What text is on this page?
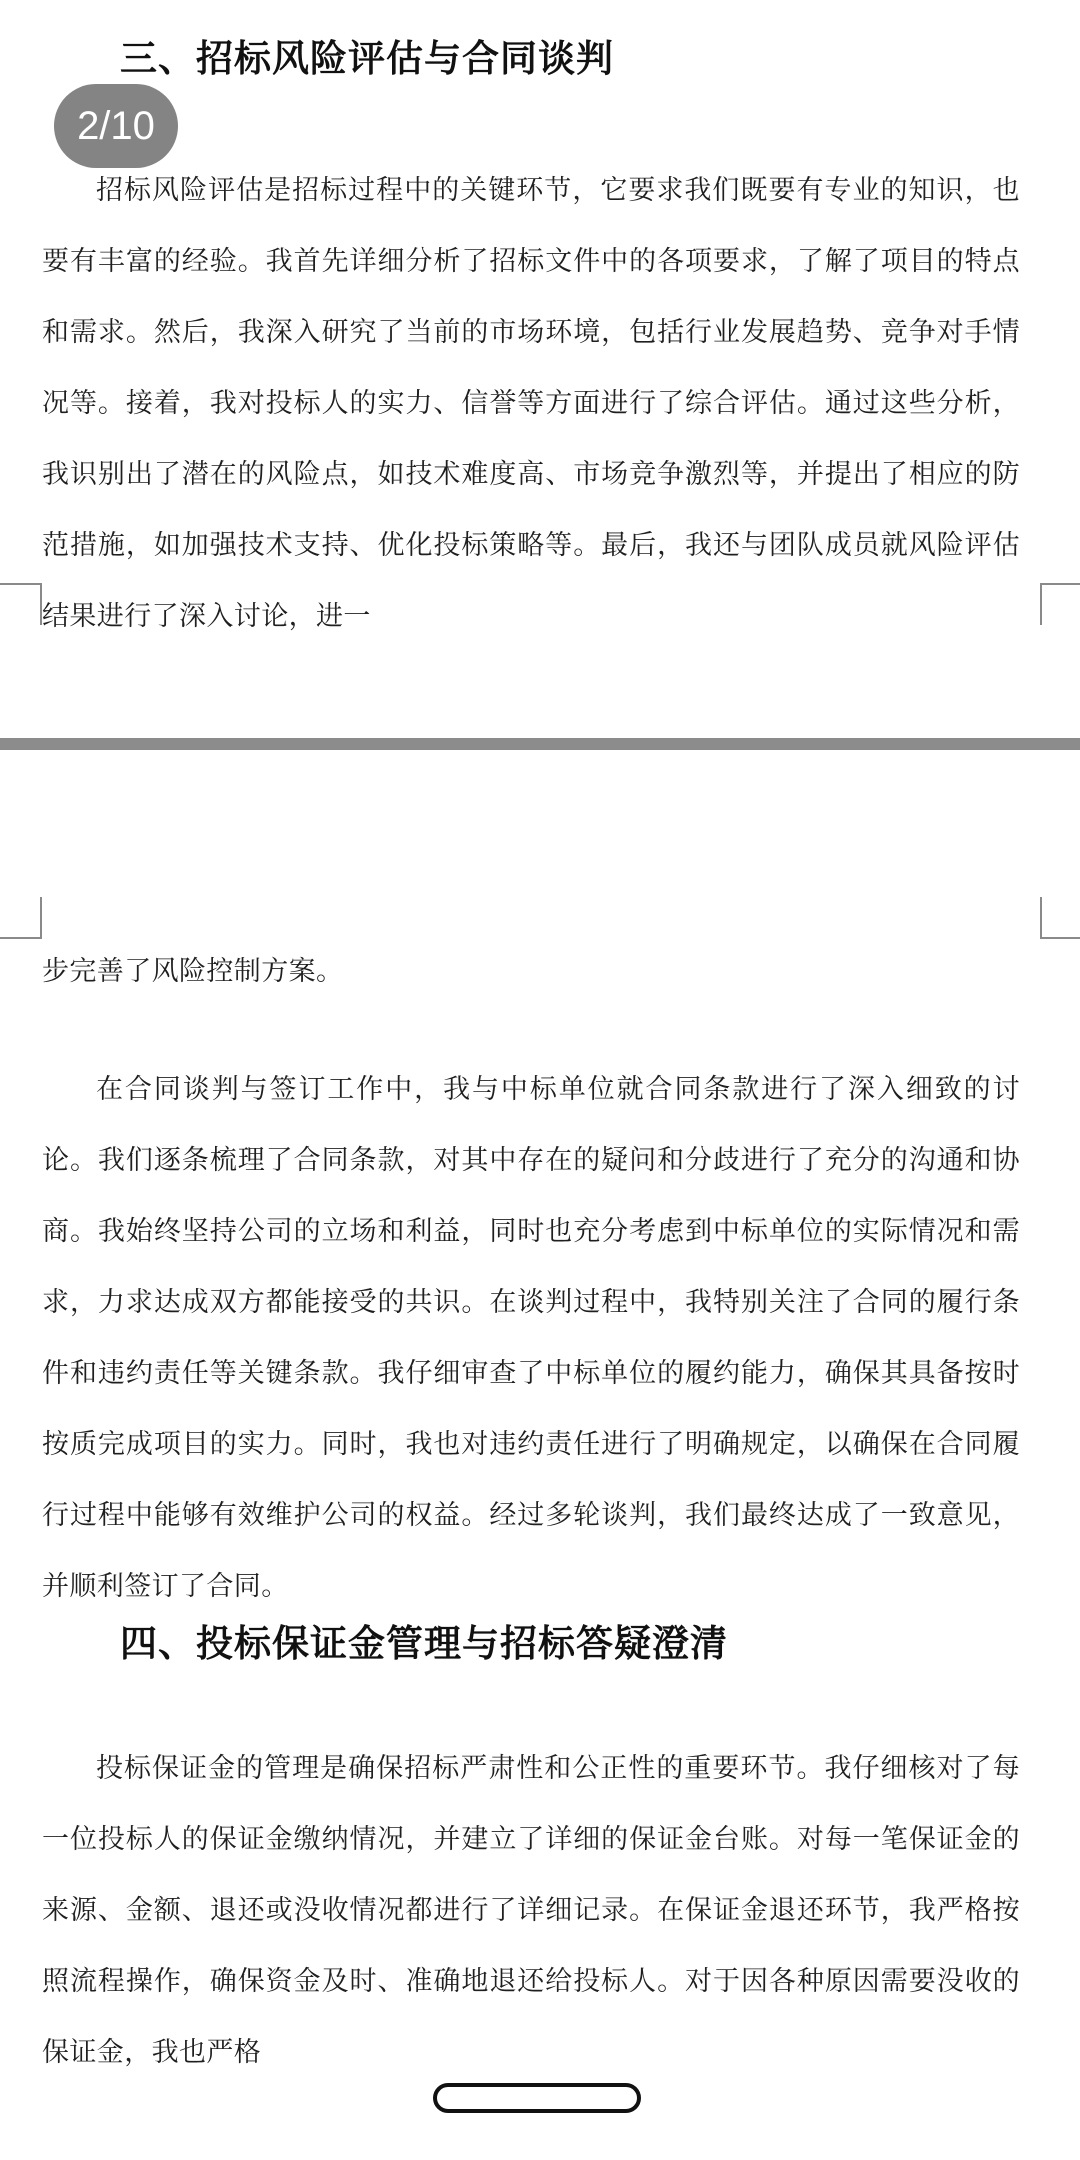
三、招标风险评估与合同谈判

招标风险评估是招标过程中的关键环节，它要求我们既要有专业的知识，也要有丰富的经验。我首先详细分析了招标文件中的各项要求，了解了项目的特点和需求。然后，我深入研究了当前的市场环境，包括行业发展趋势、竞争对手情况等。接着，我对投标人的实力、信誉等方面进行了综合评估。通过这些分析，我识别出了潜在的风险点，如技术难度高、市场竞争激烈等，并提出了相应的防范措施，如加强技术支持、优化投标策略等。最后，我还与团队成员就风险评估结果进行了深入讨论，进一

步完善了风险控制方案。

在合同谈判与签订工作中，我与中标单位就合同条款进行了深入细致的讨论。我们逐条梳理了合同条款，对其中存在的疑问和分歧进行了充分的沟通和协商。我始终坚持公司的立场和利益，同时也充分考虑到中标单位的实际情况和需求，力求达成双方都能接受的共识。在谈判过程中，我特别关注了合同的履行条件和违约责任等关键条款。我仔细审查了中标单位的履约能力，确保其具备按时按质完成项目的实力。同时，我也对违约责任进行了明确规定，以确保在合同履行过程中能够有效维护公司的权益。经过多轮谈判，我们最终达成了一致意见，并顺利签订了合同。

四、投标保证金管理与招标答疑澄清

投标保证金的管理是确保招标严肃性和公正性的重要环节。我仔细核对了每一位投标人的保证金缴纳情况，并建立了详细的保证金台账。对每一笔保证金的来源、金额、退还或没收情况都进行了详细记录。在保证金退还环节，我严格按照流程操作，确保资金及时、准确地退还给投标人。对于因各种原因需要没收的保证金，我也严格

2/10
